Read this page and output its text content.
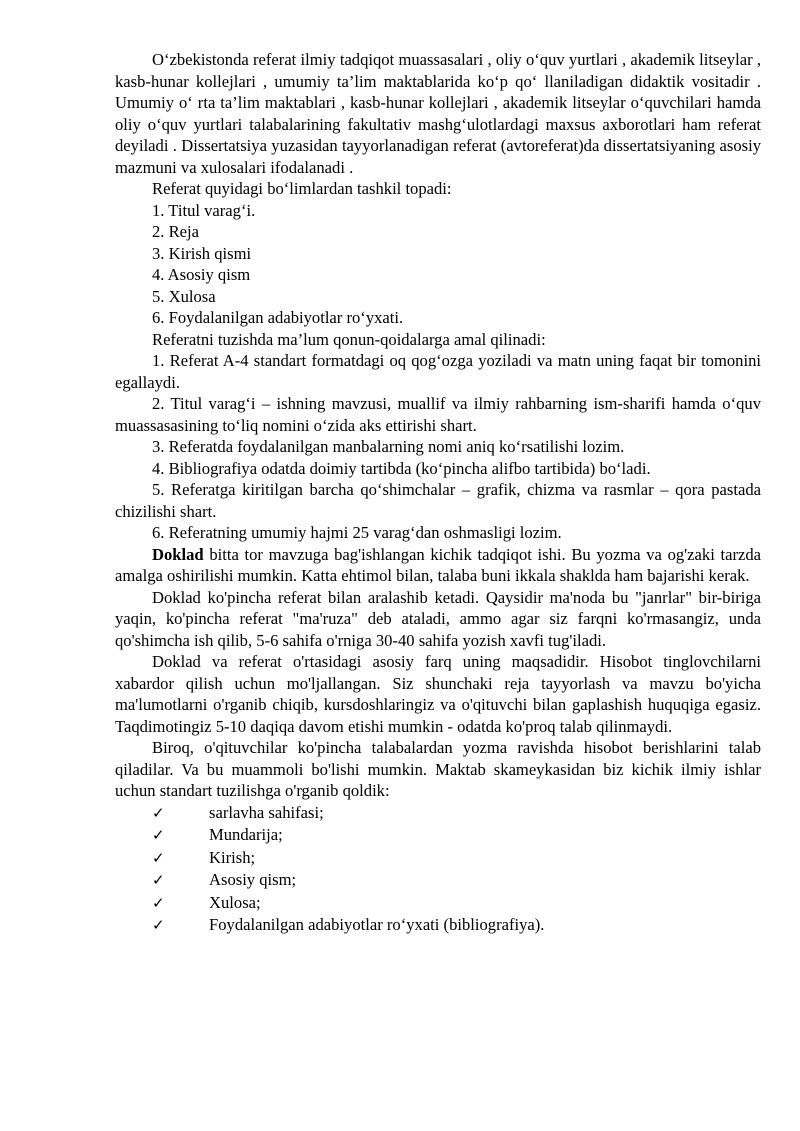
O‘zbekistonda referat ilmiy tadqiqot muassasalari , oliy o‘quv yurtlari , akademik litseylar , kasb-hunar kollejlari , umumiy ta’lim maktablarida ko‘p qo‘ llaniladigan didaktik vositadir . Umumiy o‘ rta ta’lim maktablari , kasb-hunar kollejlari , akademik litseylar o‘quvchilari hamda oliy o‘quv yurtlari talabalarining fakultativ mashg‘ulotlardagi maxsus axborotlari ham referat deyiladi . Dissertatsiya yuzasidan tayyorlanadigan referat (avtoreferat)da dissertatsiyaning asosiy mazmuni va xulosalari ifodalanadi .

Referat quyidagi bo‘limlardan tashkil topadi:

1. Titul varag‘i.

2. Reja

3. Kirish qismi

4. Asosiy qism

5. Xulosa

6. Foydalanilgan adabiyotlar ro‘yxati.

Referatni tuzishda ma’lum qonun-qoidalarga amal qilinadi:

1. Referat A-4 standart formatdagi oq qog‘ozga yoziladi va matn uning faqat bir tomonini egallaydi.

2. Titul varag‘i – ishning mavzusi, muallif va ilmiy rahbarning ism-sharifi hamda o‘quv muassasasining to‘liq nomini o‘zida aks ettirishi shart.

3. Referatda foydalanilgan manbalarning nomi aniq ko‘rsatilishi lozim.

4. Bibliografiya odatda doimiy tartibda (ko‘pincha alifbo tartibida) bo‘ladi.

5. Referatga kiritilgan barcha qo‘shimchalar – grafik, chizma va rasmlar – qora pastada chizilishi shart.

6. Referatning umumiy hajmi 25 varag‘dan oshmasligi lozim.

Doklad bitta tor mavzuga bag'ishlangan kichik tadqiqot ishi. Bu yozma va og'zaki tarzda amalga oshirilishi mumkin. Katta ehtimol bilan, talaba buni ikkala shaklda ham bajarishi kerak.

Doklad ko'pincha referat bilan aralashib ketadi. Qaysidir ma'noda bu "janrlar" bir-biriga yaqin, ko'pincha referat "ma'ruza" deb ataladi, ammo agar siz farqni ko'rmasangiz, unda qo'shimcha ish qilib, 5-6 sahifa o'rniga 30-40 sahifa yozish xavfi tug'iladi.

Doklad va referat o'rtasidagi asosiy farq uning maqsadidir. Hisobot tinglovchilarni xabardor qilish uchun mo'ljallangan. Siz shunchaki reja tayyorlash va mavzu bo'yicha ma'lumotlarni o'rganib chiqib, kursdoshlaringiz va o'qituvchi bilan gaplashish huquqiga egasiz. Taqdimotingiz 5-10 daqiqa davom etishi mumkin - odatda ko'proq talab qilinmaydi.

Biroq, o'qituvchilar ko'pincha talabalardan yozma ravishda hisobot berishlarini talab qiladilar. Va bu muammoli bo'lishi mumkin. Maktab skameykasidan biz kichik ilmiy ishlar uchun standart tuzilishga o'rganib qoldik:

✓	sarlavha sahifasi;
✓	Mundarija;
✓	Kirish;
✓	Asosiy qism;
✓	Xulosa;
✓	Foydalanilgan adabiyotlar ro‘yxati (bibliografiya).
